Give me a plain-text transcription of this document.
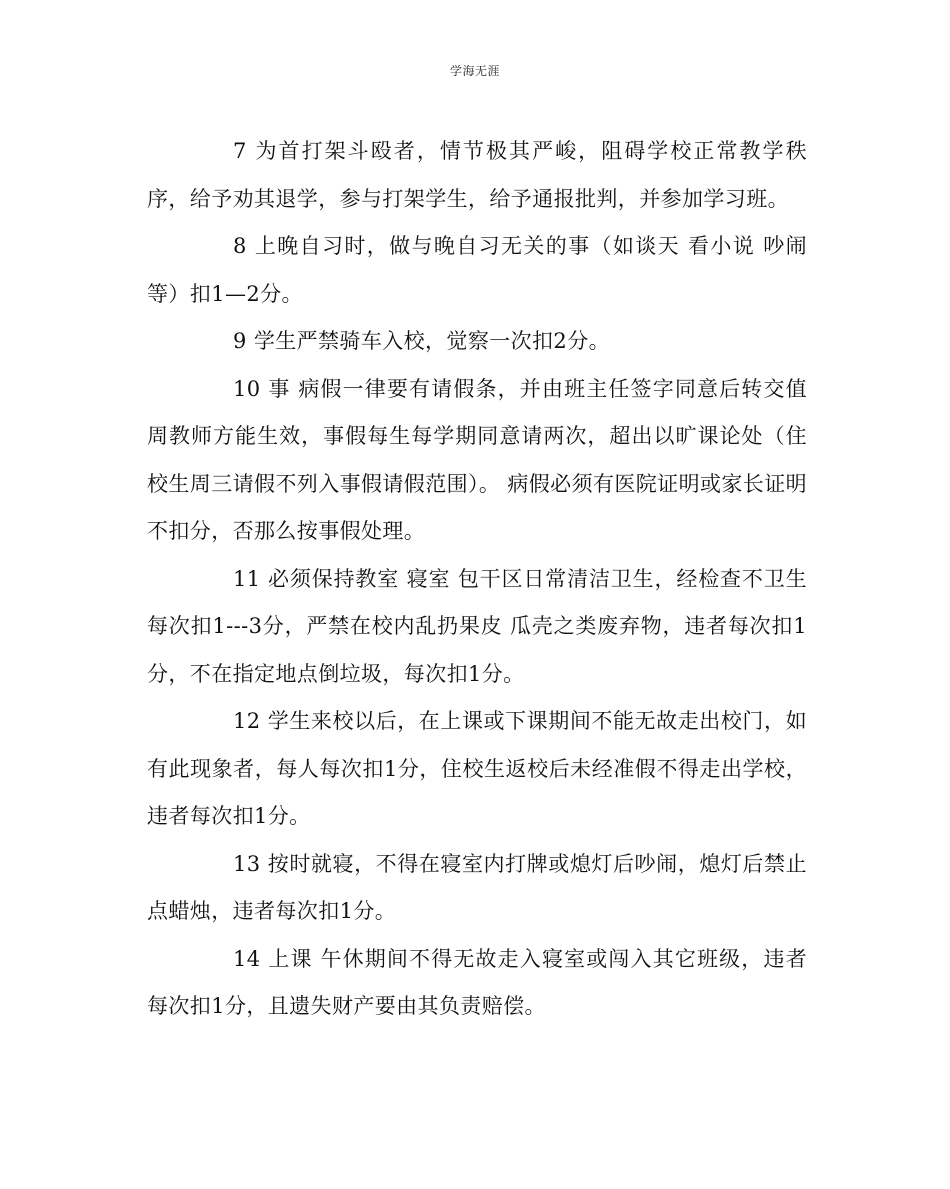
学海无涯

7 为首打架斗殴者，情节极其严峻，阻碍学校正常教学秩序，给予劝其退学，参与打架学生，给予通报批判，并参加学习班。

8 上晚自习时，做与晚自习无关的事（如谈天 看小说 吵闹等）扣1—2分。

9 学生严禁骑车入校，觉察一次扣2分。

10 事 病假一律要有请假条，并由班主任签字同意后转交值周教师方能生效，事假每生每学期同意请两次，超出以旷课论处（住校生周三请假不列入事假请假范围）。 病假必须有医院证明或家长证明不扣分，否那么按事假处理。

11 必须保持教室 寝室 包干区日常清洁卫生，经检查不卫生每次扣1---3分，严禁在校内乱扔果皮 瓜壳之类废弃物，违者每次扣1分，不在指定地点倒垃圾，每次扣1分。

12 学生来校以后，在上课或下课期间不能无故走出校门，如有此现象者，每人每次扣1分，住校生返校后未经准假不得走出学校，违者每次扣1分。

13 按时就寝，不得在寝室内打牌或熄灯后吵闹，熄灯后禁止点蜡烛，违者每次扣1分。

14 上课 午休期间不得无故走入寝室或闯入其它班级，违者每次扣1分，且遗失财产要由其负责赔偿。
